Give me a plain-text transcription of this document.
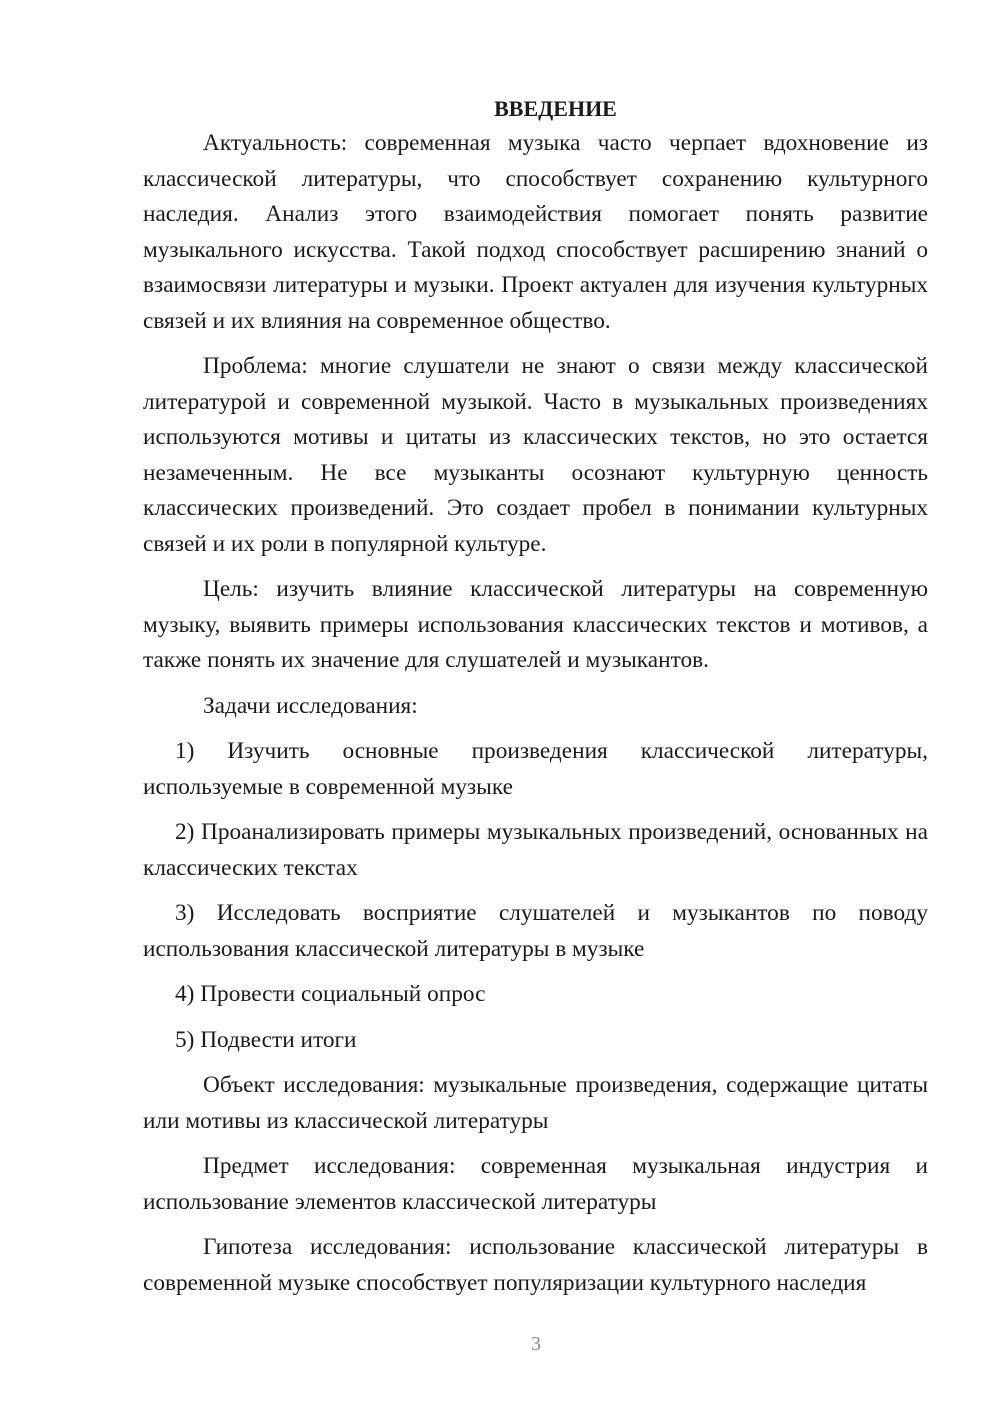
ВВЕДЕНИЕ

Актуальность: современная музыка часто черпает вдохновение из классической литературы, что способствует сохранению культурного наследия. Анализ этого взаимодействия помогает понять развитие музыкального искусства. Такой подход способствует расширению знаний о взаимосвязи литературы и музыки. Проект актуален для изучения культурных связей и их влияния на современное общество.

Проблема: многие слушатели не знают о связи между классической литературой и современной музыкой. Часто в музыкальных произведениях используются мотивы и цитаты из классических текстов, но это остается незамеченным. Не все музыканты осознают культурную ценность классических произведений. Это создает пробел в понимании культурных связей и их роли в популярной культуре.

Цель: изучить влияние классической литературы на современную музыку, выявить примеры использования классических текстов и мотивов, а также понять их значение для слушателей и музыкантов.

Задачи исследования:

1) Изучить основные произведения классической литературы, используемые в современной музыке

2) Проанализировать примеры музыкальных произведений, основанных на классических текстах

3) Исследовать восприятие слушателей и музыкантов по поводу использования классической литературы в музыке

4) Провести социальный опрос

5) Подвести итоги

Объект исследования: музыкальные произведения, содержащие цитаты или мотивы из классической литературы

Предмет исследования: современная музыкальная индустрия и использование элементов классической литературы

Гипотеза исследования: использование классической литературы в современной музыке способствует популяризации культурного наследия

3
